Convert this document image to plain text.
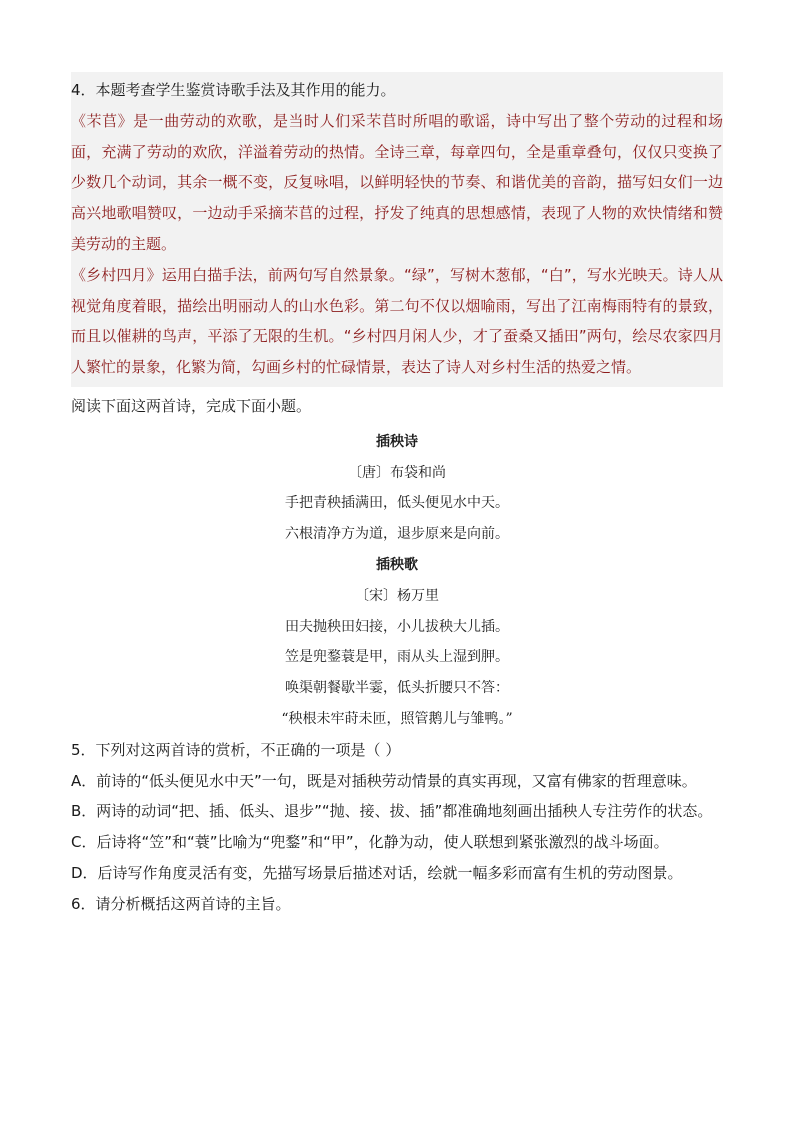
4．本题考查学生鉴赏诗歌手法及其作用的能力。

《芣苢》是一曲劳动的欢歌，是当时人们采芣苢时所唱的歌谣，诗中写出了整个劳动的过程和场面，充满了劳动的欢欣，洋溢着劳动的热情。全诗三章，每章四句，全是重章叠句，仅仅只变换了少数几个动词，其余一概不变，反复咏唱，以鲜明轻快的节奏、和谐优美的音韵，描写妇女们一边高兴地歌唱赞叹，一边动手采摘芣苢的过程，抒发了纯真的思想感情，表现了人物的欢快情绪和赞美劳动的主题。

《乡村四月》运用白描手法，前两句写自然景象。“绿”，写树木葱郁，“白”，写水光映天。诗人从视觉角度着眼，描绘出明丽动人的山水色彩。第二句不仅以烟喻雨，写出了江南梅雨特有的景致，而且以催耕的鸟声，平添了无限的生机。“乡村四月闲人少，才了蚕桑又插田”两句，绘尽农家四月人繁忙的景象，化繁为简，勾画乡村的忙碌情景，表达了诗人对乡村生活的热爱之情。

阅读下面这两首诗，完成下面小题。

插秧诗
〔唐〕布袋和尚
手把青秧插满田，低头便见水中天。
六根清净方为道，退步原来是向前。
插秧歌
〔宋〕杨万里
田夫抛秧田妇接，小儿拔秧大儿插。
笠是兜鍪蓑是甲，雨从头上湿到胛。
唤渠朝餐歇半霎，低头折腰只不答：
“秧根未牢莳未匝，照管鹅儿与雏鸭。”

5．下列对这两首诗的赏析，不正确的一项是（ ）

A．前诗的“低头便见水中天”一句，既是对插秧劳动情景的真实再现，又富有佛家的哲理意味。

B．两诗的动词“把、插、低头、退步”“抛、接、拔、插”都准确地刻画出插秧人专注劳作的状态。

C．后诗将“笠”和“蓑”比喻为“兜鍪”和“甲”，化静为动，使人联想到紧张激烈的战斗场面。

D．后诗写作角度灵活有变，先描写场景后描述对话，绘就一幅多彩而富有生机的劳动图景。

6．请分析概括这两首诗的主旨。
